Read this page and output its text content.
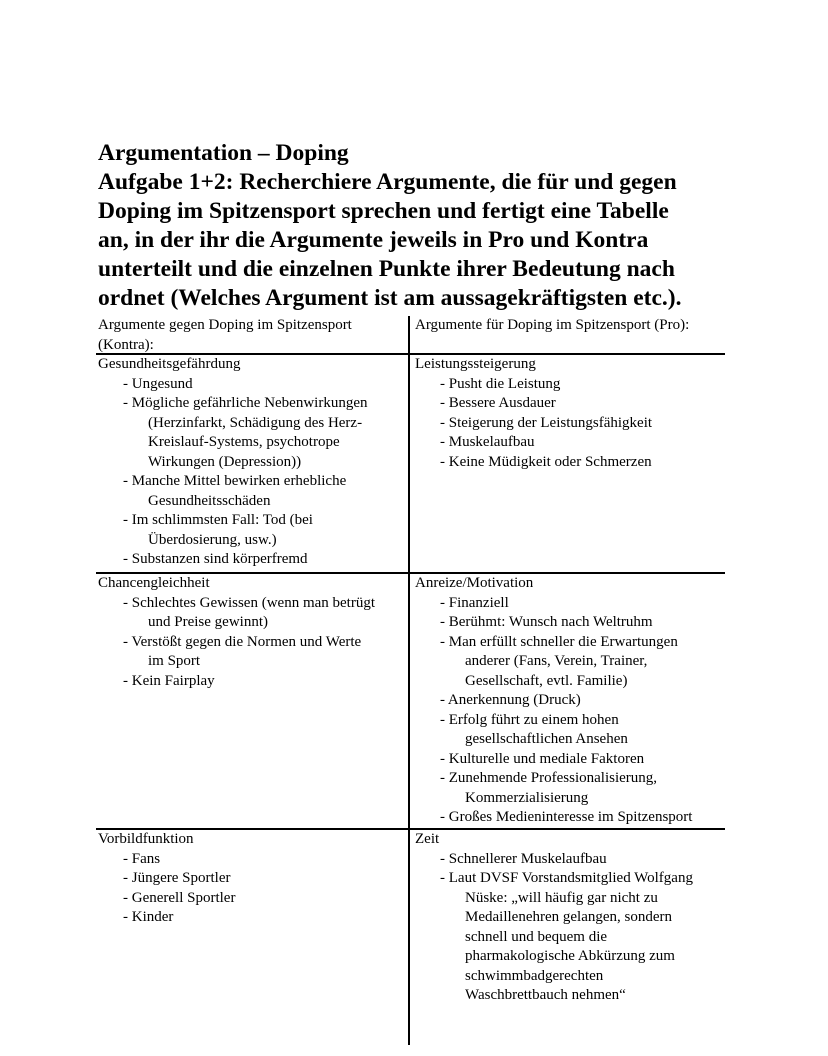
Argumentation – Doping
Aufgabe 1+2: Recherchiere Argumente, die für und gegen
Doping im Spitzensport sprechen und fertigt eine Tabelle
an, in der ihr die Argumente jeweils in Pro und Kontra
unterteilt und die einzelnen Punkte ihrer Bedeutung nach
ordnet (Welches Argument ist am aussagekräftigsten etc.).
Argumente gegen Doping im Spitzensport
(Kontra):
Argumente für Doping im Spitzensport (Pro):
Gesundheitsgefährdung
- Ungesund
- Mögliche gefährliche Nebenwirkungen
(Herzinfarkt, Schädigung des Herz-
Kreislauf-Systems, psychotrope
Wirkungen (Depression))
- Manche Mittel bewirken erhebliche
Gesundheitsschäden
- Im schlimmsten Fall: Tod (bei
Überdosierung, usw.)
- Substanzen sind körperfremd
Leistungssteigerung
- Pusht die Leistung
- Bessere Ausdauer
- Steigerung der Leistungsfähigkeit
- Muskelaufbau
- Keine Müdigkeit oder Schmerzen
Chancengleichheit
- Schlechtes Gewissen (wenn man betrügt
und Preise gewinnt)
- Verstößt gegen die Normen und Werte
im Sport
- Kein Fairplay
Anreize/Motivation
- Finanziell
- Berühmt: Wunsch nach Weltruhm
- Man erfüllt schneller die Erwartungen
anderer (Fans, Verein, Trainer,
Gesellschaft, evtl. Familie)
- Anerkennung (Druck)
- Erfolg führt zu einem hohen
gesellschaftlichen Ansehen
- Kulturelle und mediale Faktoren
- Zunehmende Professionalisierung,
Kommerzialisierung
- Großes Medieninteresse im Spitzensport
Vorbildfunktion
- Fans
- Jüngere Sportler
- Generell Sportler
- Kinder
Zeit
- Schnellerer Muskelaufbau
- Laut DVSF Vorstandsmitglied Wolfgang
Nüske: „will häufig gar nicht zu
Medaillenehren gelangen, sondern
schnell und bequem die
pharmakologische Abkürzung zum
schwimmbadgerechten
Waschbrettbauch nehmen“
